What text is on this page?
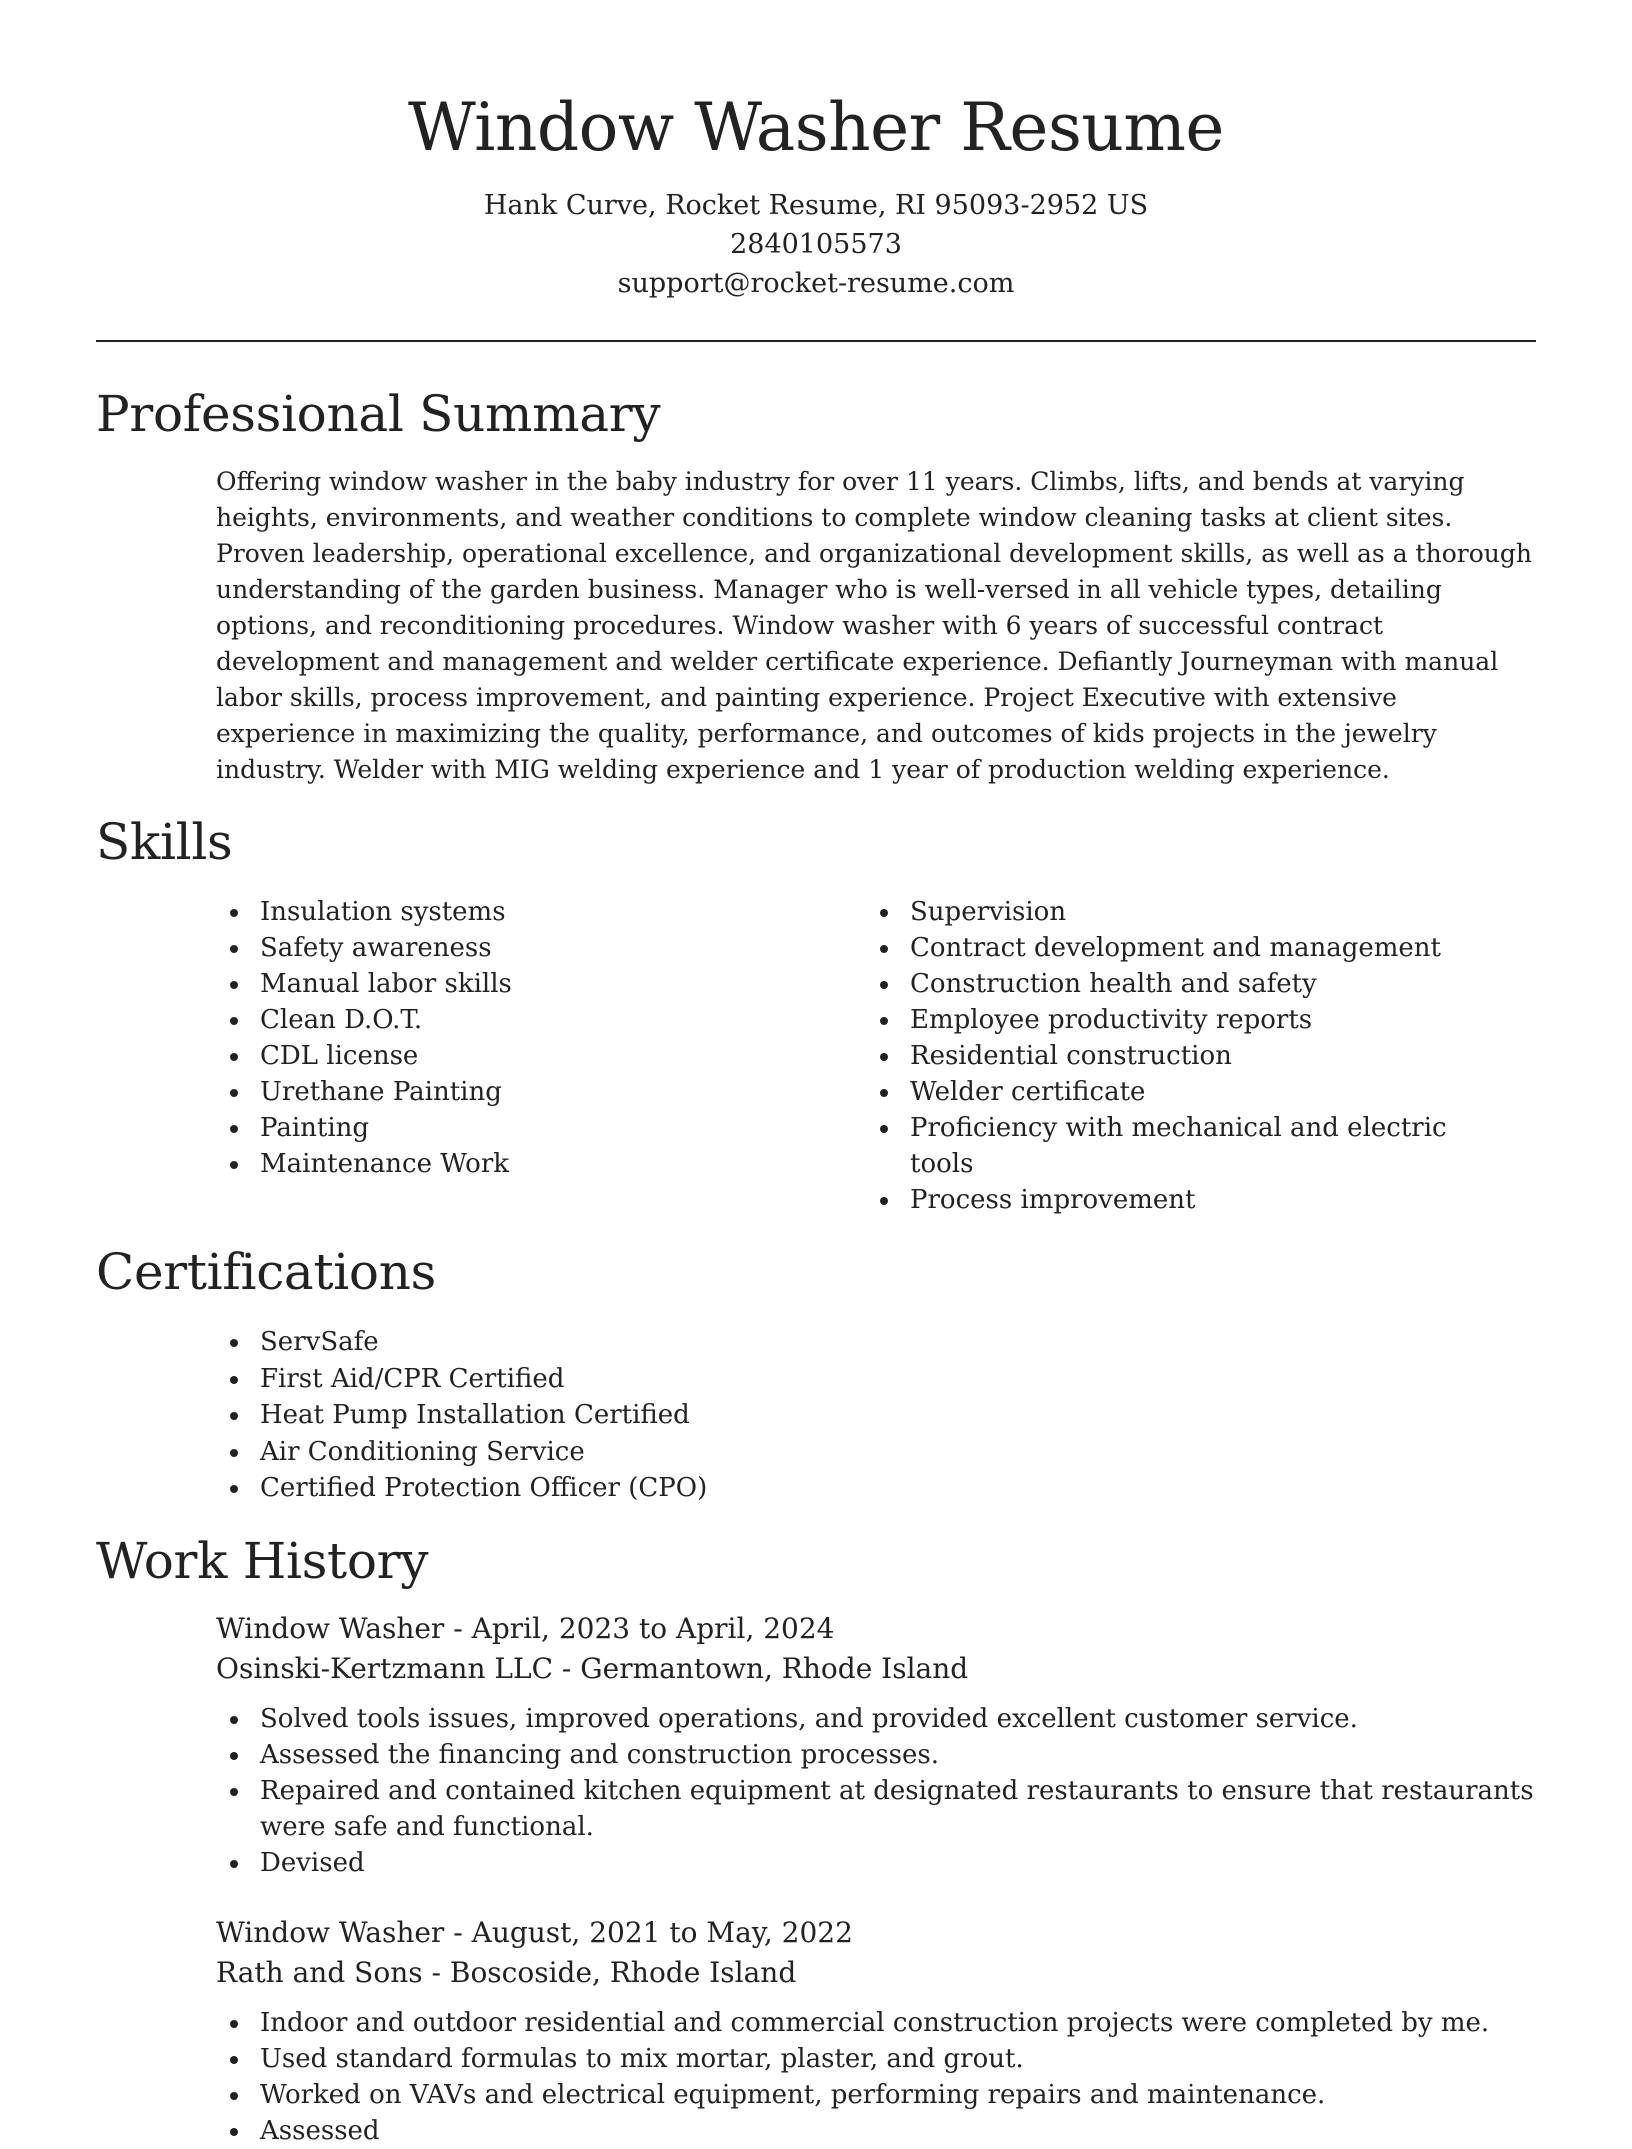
Window Washer Resume
Hank Curve, Rocket Resume, RI 95093-2952 US
2840105573
support@rocket-resume.com
Professional Summary

Offering window washer in the baby industry for over 11 years. Climbs, lifts, and bends at varying heights, environments, and weather conditions to complete window cleaning tasks at client sites. Proven leadership, operational excellence, and organizational development skills, as well as a thorough understanding of the garden business. Manager who is well-versed in all vehicle types, detailing options, and reconditioning procedures. Window washer with 6 years of successful contract development and management and welder certificate experience. Defiantly Journeyman with manual labor skills, process improvement, and painting experience. Project Executive with extensive experience in maximizing the quality, performance, and outcomes of kids projects in the jewelry industry. Welder with MIG welding experience and 1 year of production welding experience.

Skills
Insulation systems
Safety awareness
Manual labor skills
Clean D.O.T.
CDL license
Urethane Painting
Painting
Maintenance Work
Supervision
Contract development and management
Construction health and safety
Employee productivity reports
Residential construction
Welder certificate
Proficiency with mechanical and electric tools
Process improvement
Certifications
ServSafe
First Aid/CPR Certified
Heat Pump Installation Certified
Air Conditioning Service
Certified Protection Officer (CPO)
Work History
Window Washer - April, 2023 to April, 2024
Osinski-Kertzmann LLC - Germantown, Rhode Island
Solved tools issues, improved operations, and provided excellent customer service.
Assessed the financing and construction processes.
Repaired and contained kitchen equipment at designated restaurants to ensure that restaurants were safe and functional.
Devised
Window Washer - August, 2021 to May, 2022
Rath and Sons - Boscoside, Rhode Island
Indoor and outdoor residential and commercial construction projects were completed by me.
Used standard formulas to mix mortar, plaster, and grout.
Worked on VAVs and electrical equipment, performing repairs and maintenance.
Assessed
